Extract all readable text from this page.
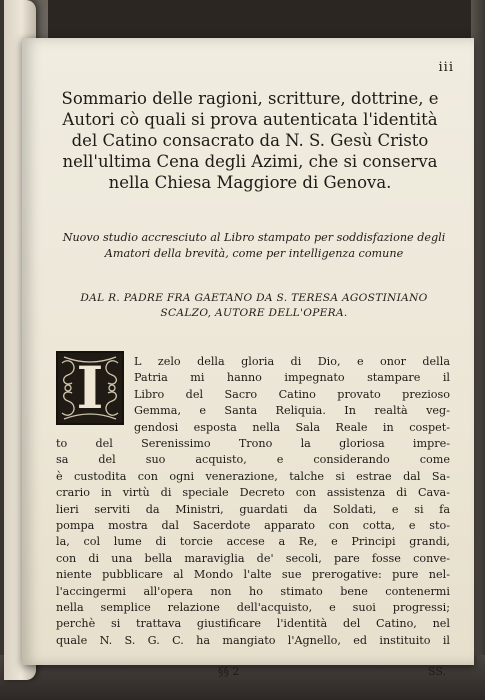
iii
Sommario delle ragioni, scritture, dottrine, e Autori cò quali si prova autenticata l'identità del Catino consacrato da N. S. Gesù Cristo nell'ultima Cena degli Azimi, che si conserva nella Chiesa Maggiore di Genova.
Nuovo studio accresciuto al Libro stampato per soddisfazione degli Amatori della brevità, come per intelligenza comune
DAL R. PADRE FRA GAETANO DA S. TERESA AGOSTINIANO SCALZO, AUTORE DELL'OPERA.
I	L zelo della gloria di Dio, e onor della
Patria mi hanno impegnato stampare il
Libro del Sacro Catino provato prezioso
Gemma, e Santa Reliquia. In realtà veg-
gendosi esposta nella Sala Reale in cospet-
to del Serenissimo Trono la gloriosa impre-
sa del suo acquisto, e considerando come
è custodita con ogni venerazione, talche si estrae dal Sa-
crario in virtù di speciale Decreto con assistenza di Cava-
lieri serviti da Ministri, guardati da Soldati, e si fa
pompa mostra dal Sacerdote apparato con cotta, e sto-
la, col lume di torcie accese a Re, e Principi grandi,
con di una bella maraviglia de' secoli, pare fosse conve-
niente pubblicare al Mondo l'alte sue prerogative: pure nel-
l'accingermi all'opera non ho stimato bene contenermi
nella semplice relazione dell'acquisto, e suoi progressi;
perchè si trattava giustificare l'identità del Catino, nel
quale N. S. G. C. ha mangiato l'Agnello, ed instituito il
§§ 2	SS.
